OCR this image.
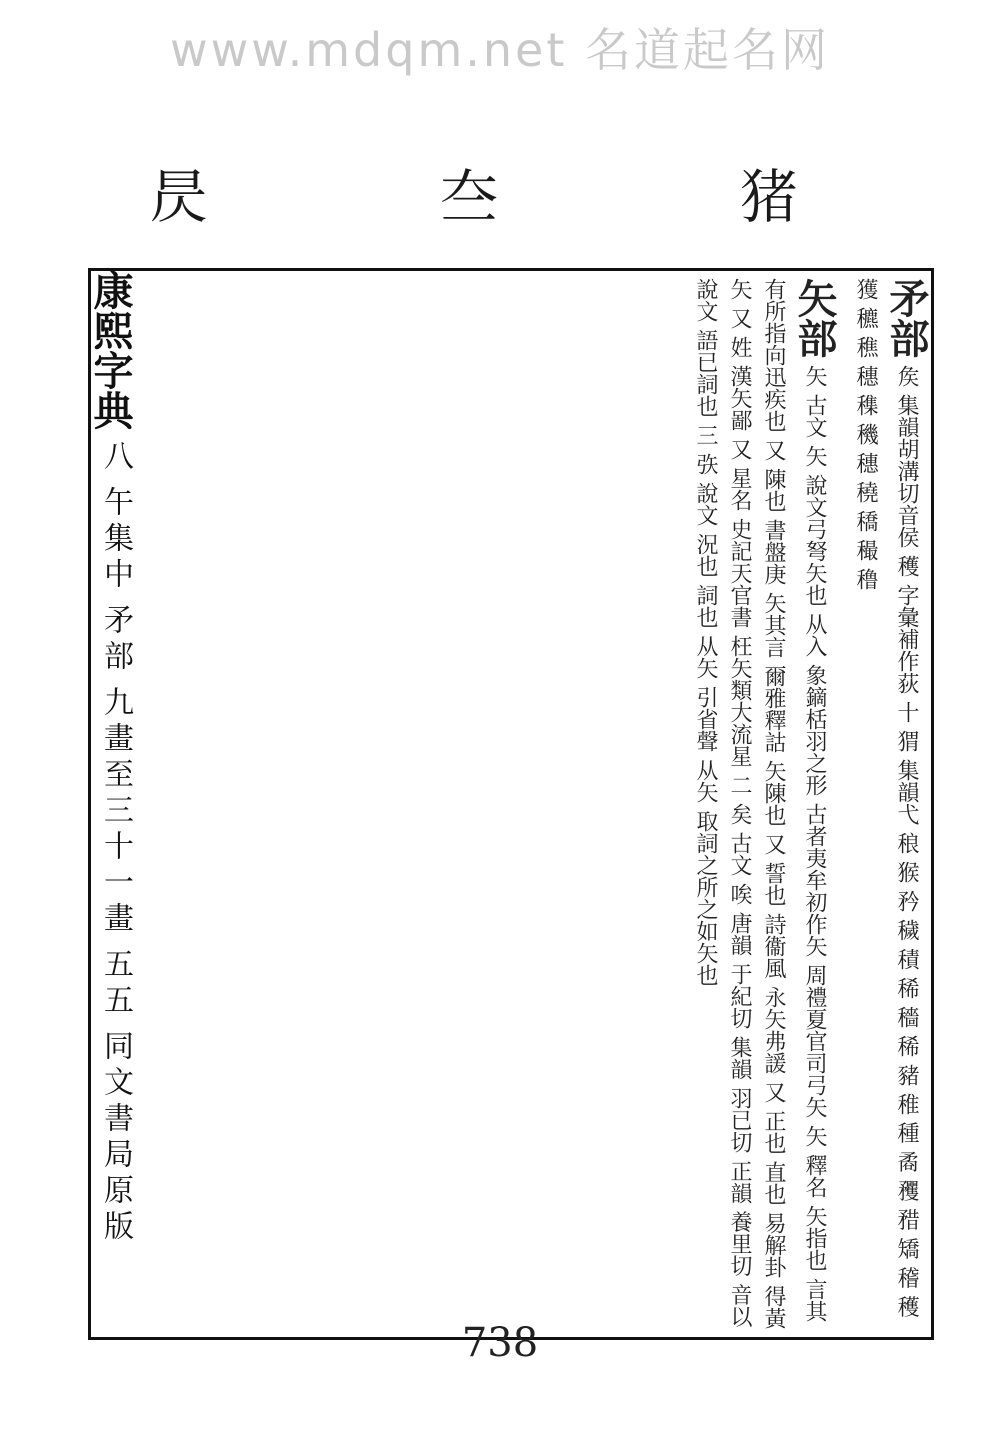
www.mdqm.net 名道起名网
昃	夳	猪
康熙字典
八
午集中
矛部
九畫至三十一畫
五五
同文書局原版
矛部 矦 集韻胡溝切音侯 穫 字彙補作荻 十 猬 集韻弋 稂 猴 矜 穢 積 稀 穡 稀 豬 稚 種 矞 矡 矠 矯 稽 穫 獲 穮 穛 穗 穕 穖 穗 穘 穚 穝 穞
矢部 矢 古文 矢 說文弓弩矢也 从入 象鏑栝羽之形 古者夷牟初作矢 周禮夏官司弓矢 矢 釋名 矢指也 言其有所指向迅疾也 又 陳也 書盤庚 矢其言 爾雅釋詁 矢陳也 又 誓也 詩衞風 永矢弗諼 又 正也 直也 易解卦 得黃矢 又 姓 漢矢鄙 又 星名 史記天官書 枉矢類大流星 二 矣 古文 唉 唐韻 于紀切 集韻 羽已切 正韻 養里切 音以 說文 語已詞也 三 矤 說文 況也 詞也 从矢 引省聲 从矢 取詞之所之如矢也
738
